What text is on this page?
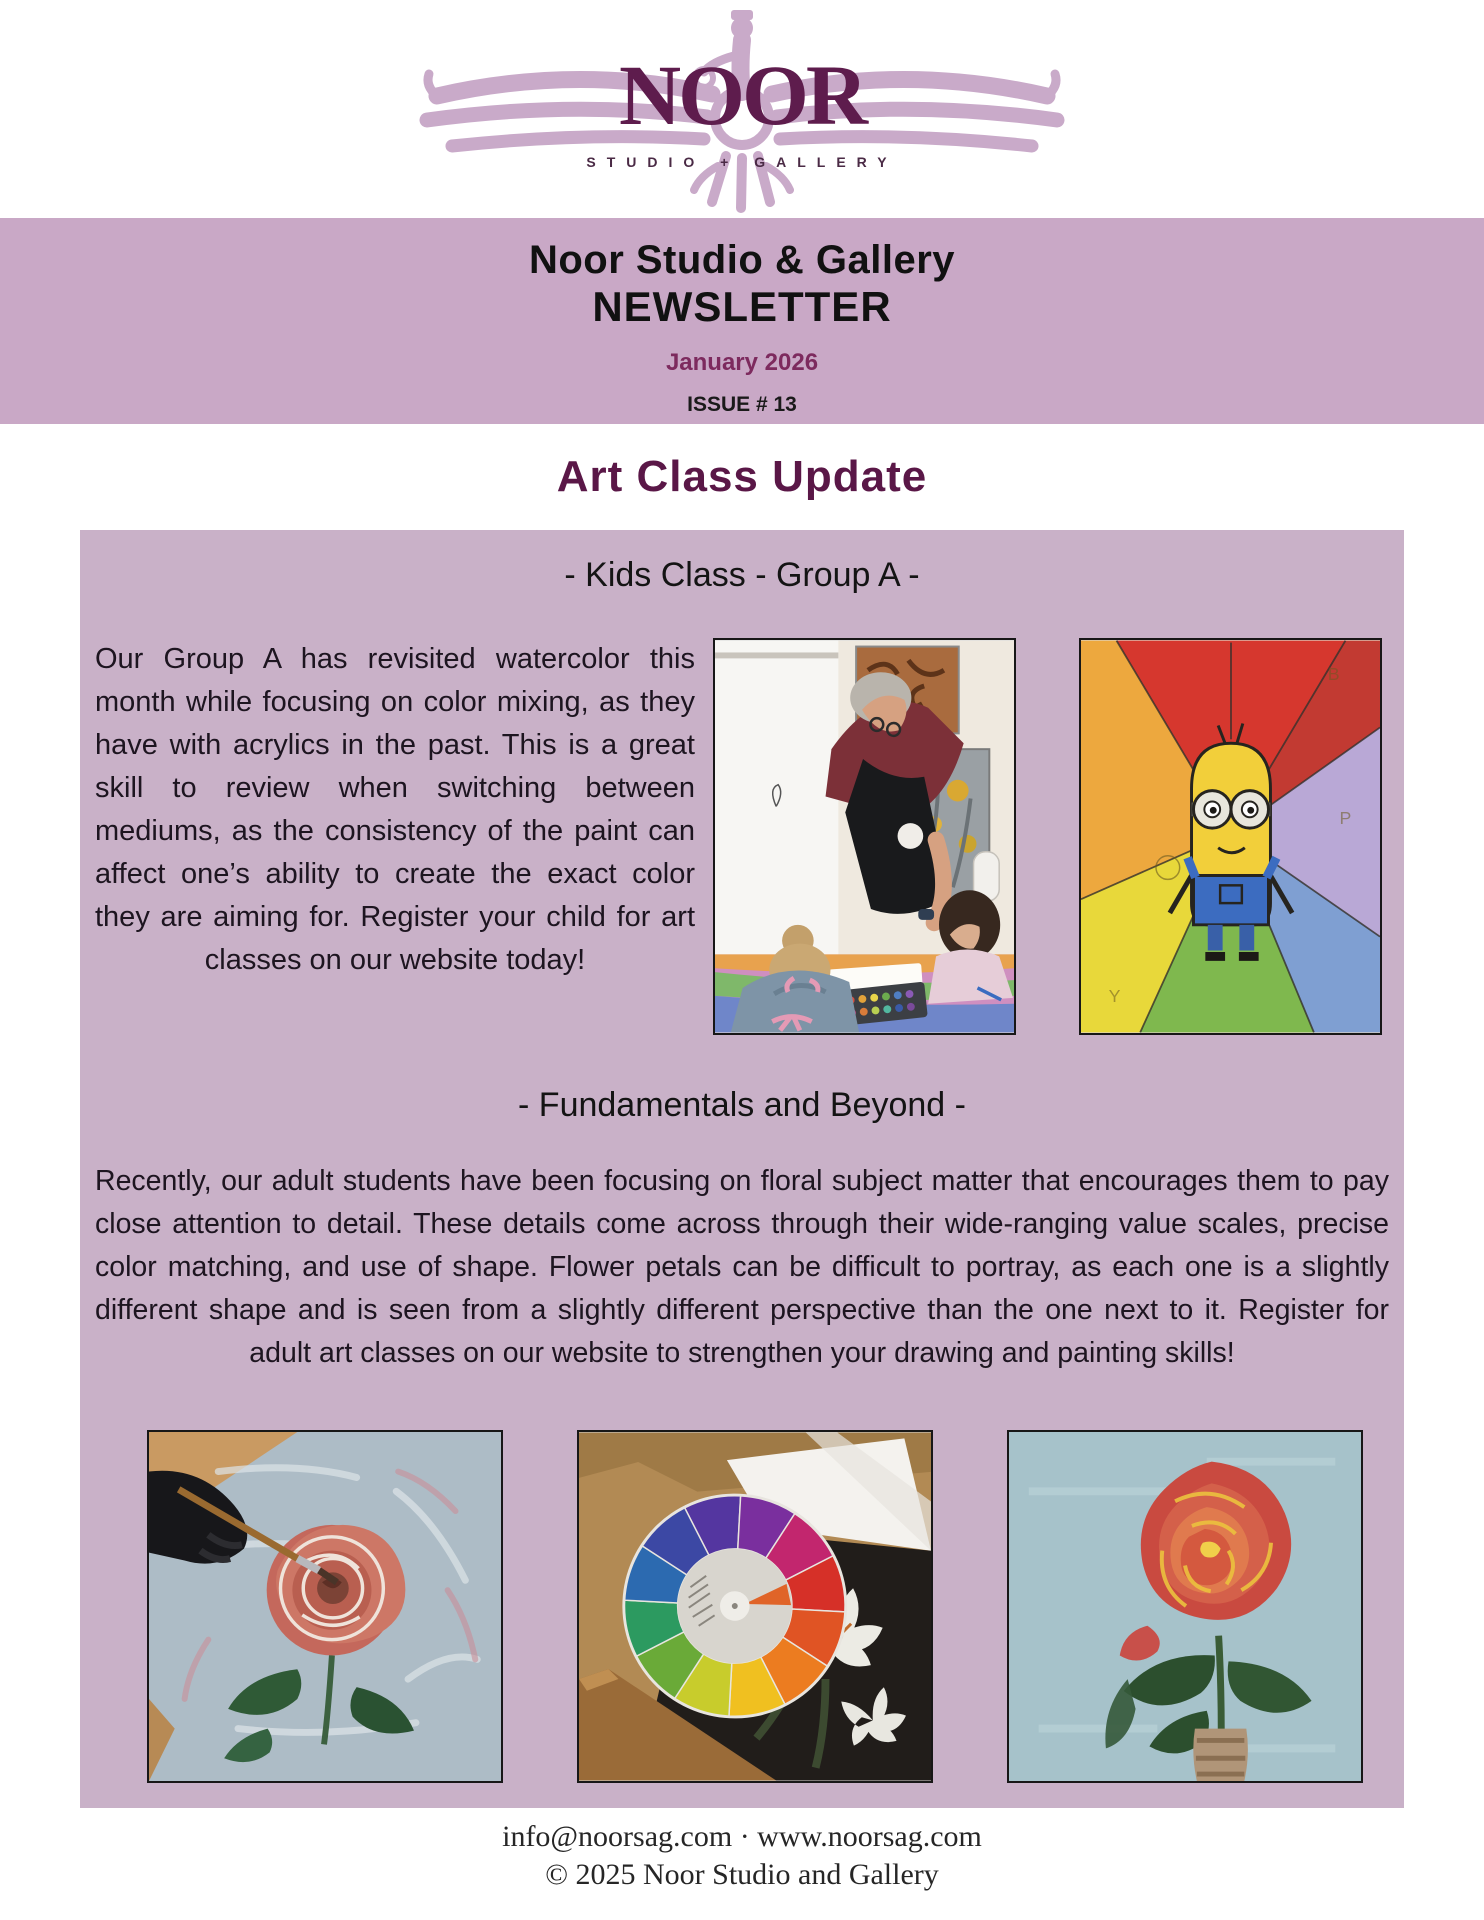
NOOR
STUDIO + GALLERY
Noor Studio & Gallery
NEWSLETTER
January 2026
ISSUE # 13
Art Class Update
- Kids Class - Group A -

Our Group A has revisited watercolor this month while focusing on color mixing, as they have with acrylics in the past. This is a great skill to review when switching between mediums, as the consistency of the paint can affect one’s ability to create the exact color they are aiming for. Register your child for art classes on our website today!

Y
P
B
- Fundamentals and Beyond -

Recently, our adult students have been focusing on floral subject matter that encourages them to pay close attention to detail. These details come across through their wide-ranging value scales, precise color matching, and use of shape. Flower petals can be difficult to portray, as each one is a slightly different shape and is seen from a slightly different perspective than the one next to it. Register for adult art classes on our website to strengthen your drawing and painting skills!

info@noorsag.com · www.noorsag.com
© 2025 Noor Studio and Gallery
